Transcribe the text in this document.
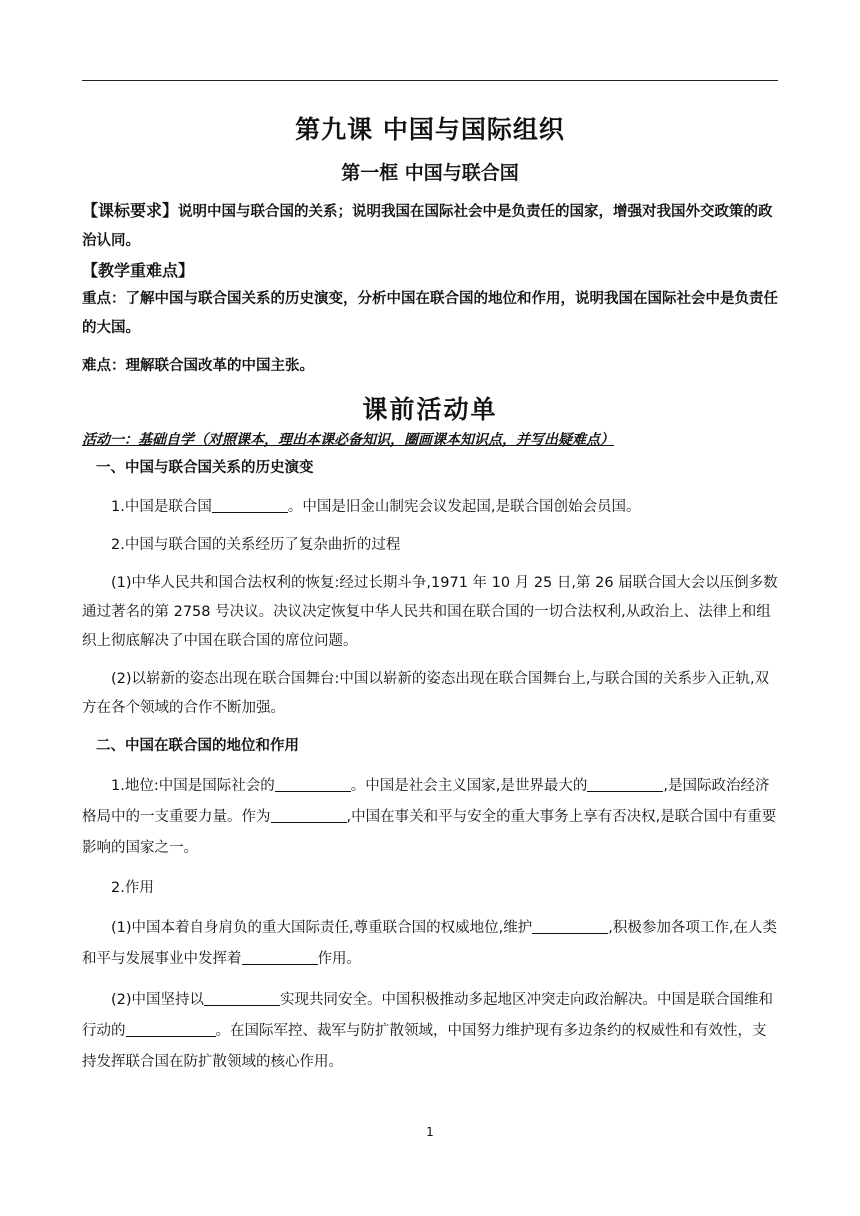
第九课 中国与国际组织
第一框 中国与联合国
【课标要求】说明中国与联合国的关系；说明我国在国际社会中是负责任的国家，增强对我国外交政策的政治认同。
【教学重难点】
重点：了解中国与联合国关系的历史演变，分析中国在联合国的地位和作用，说明我国在国际社会中是负责任的大国。
难点：理解联合国改革的中国主张。
课前活动单
活动一：基础自学（对照课本，理出本课必备知识，圈画课本知识点，并写出疑难点）

一、中国与联合国关系的历史演变

1.中国是联合国	。中国是旧金山制宪会议发起国,是联合国创始会员国。

2.中国与联合国的关系经历了复杂曲折的过程

(1)中华人民共和国合法权利的恢复:经过长期斗争,1971 年 10 月 25 日,第 26 届联合国大会以压倒多数通过著名的第 2758 号决议。决议决定恢复中华人民共和国在联合国的一切合法权利,从政治上、法律上和组织上彻底解决了中国在联合国的席位问题。

(2)以崭新的姿态出现在联合国舞台:中国以崭新的姿态出现在联合国舞台上,与联合国的关系步入正轨,双方在各个领域的合作不断加强。

二、中国在联合国的地位和作用

1.地位:中国是国际社会的	。中国是社会主义国家,是世界最大的	,是国际政治经济格局中的一支重要力量。作为	,中国在事关和平与安全的重大事务上享有否决权,是联合国中有重要影响的国家之一。

2.作用

(1)中国本着自身肩负的重大国际责任,尊重联合国的权威地位,维护	,积极参加各项工作,在人类和平与发展事业中发挥着	作用。

(2)中国坚持以	实现共同安全。中国积极推动多起地区冲突走向政治解决。中国是联合国维和行动的	。在国际军控、裁军与防扩散领域，中国努力维护现有多边条约的权威性和有效性，支持发挥联合国在防扩散领域的核心作用。

1
